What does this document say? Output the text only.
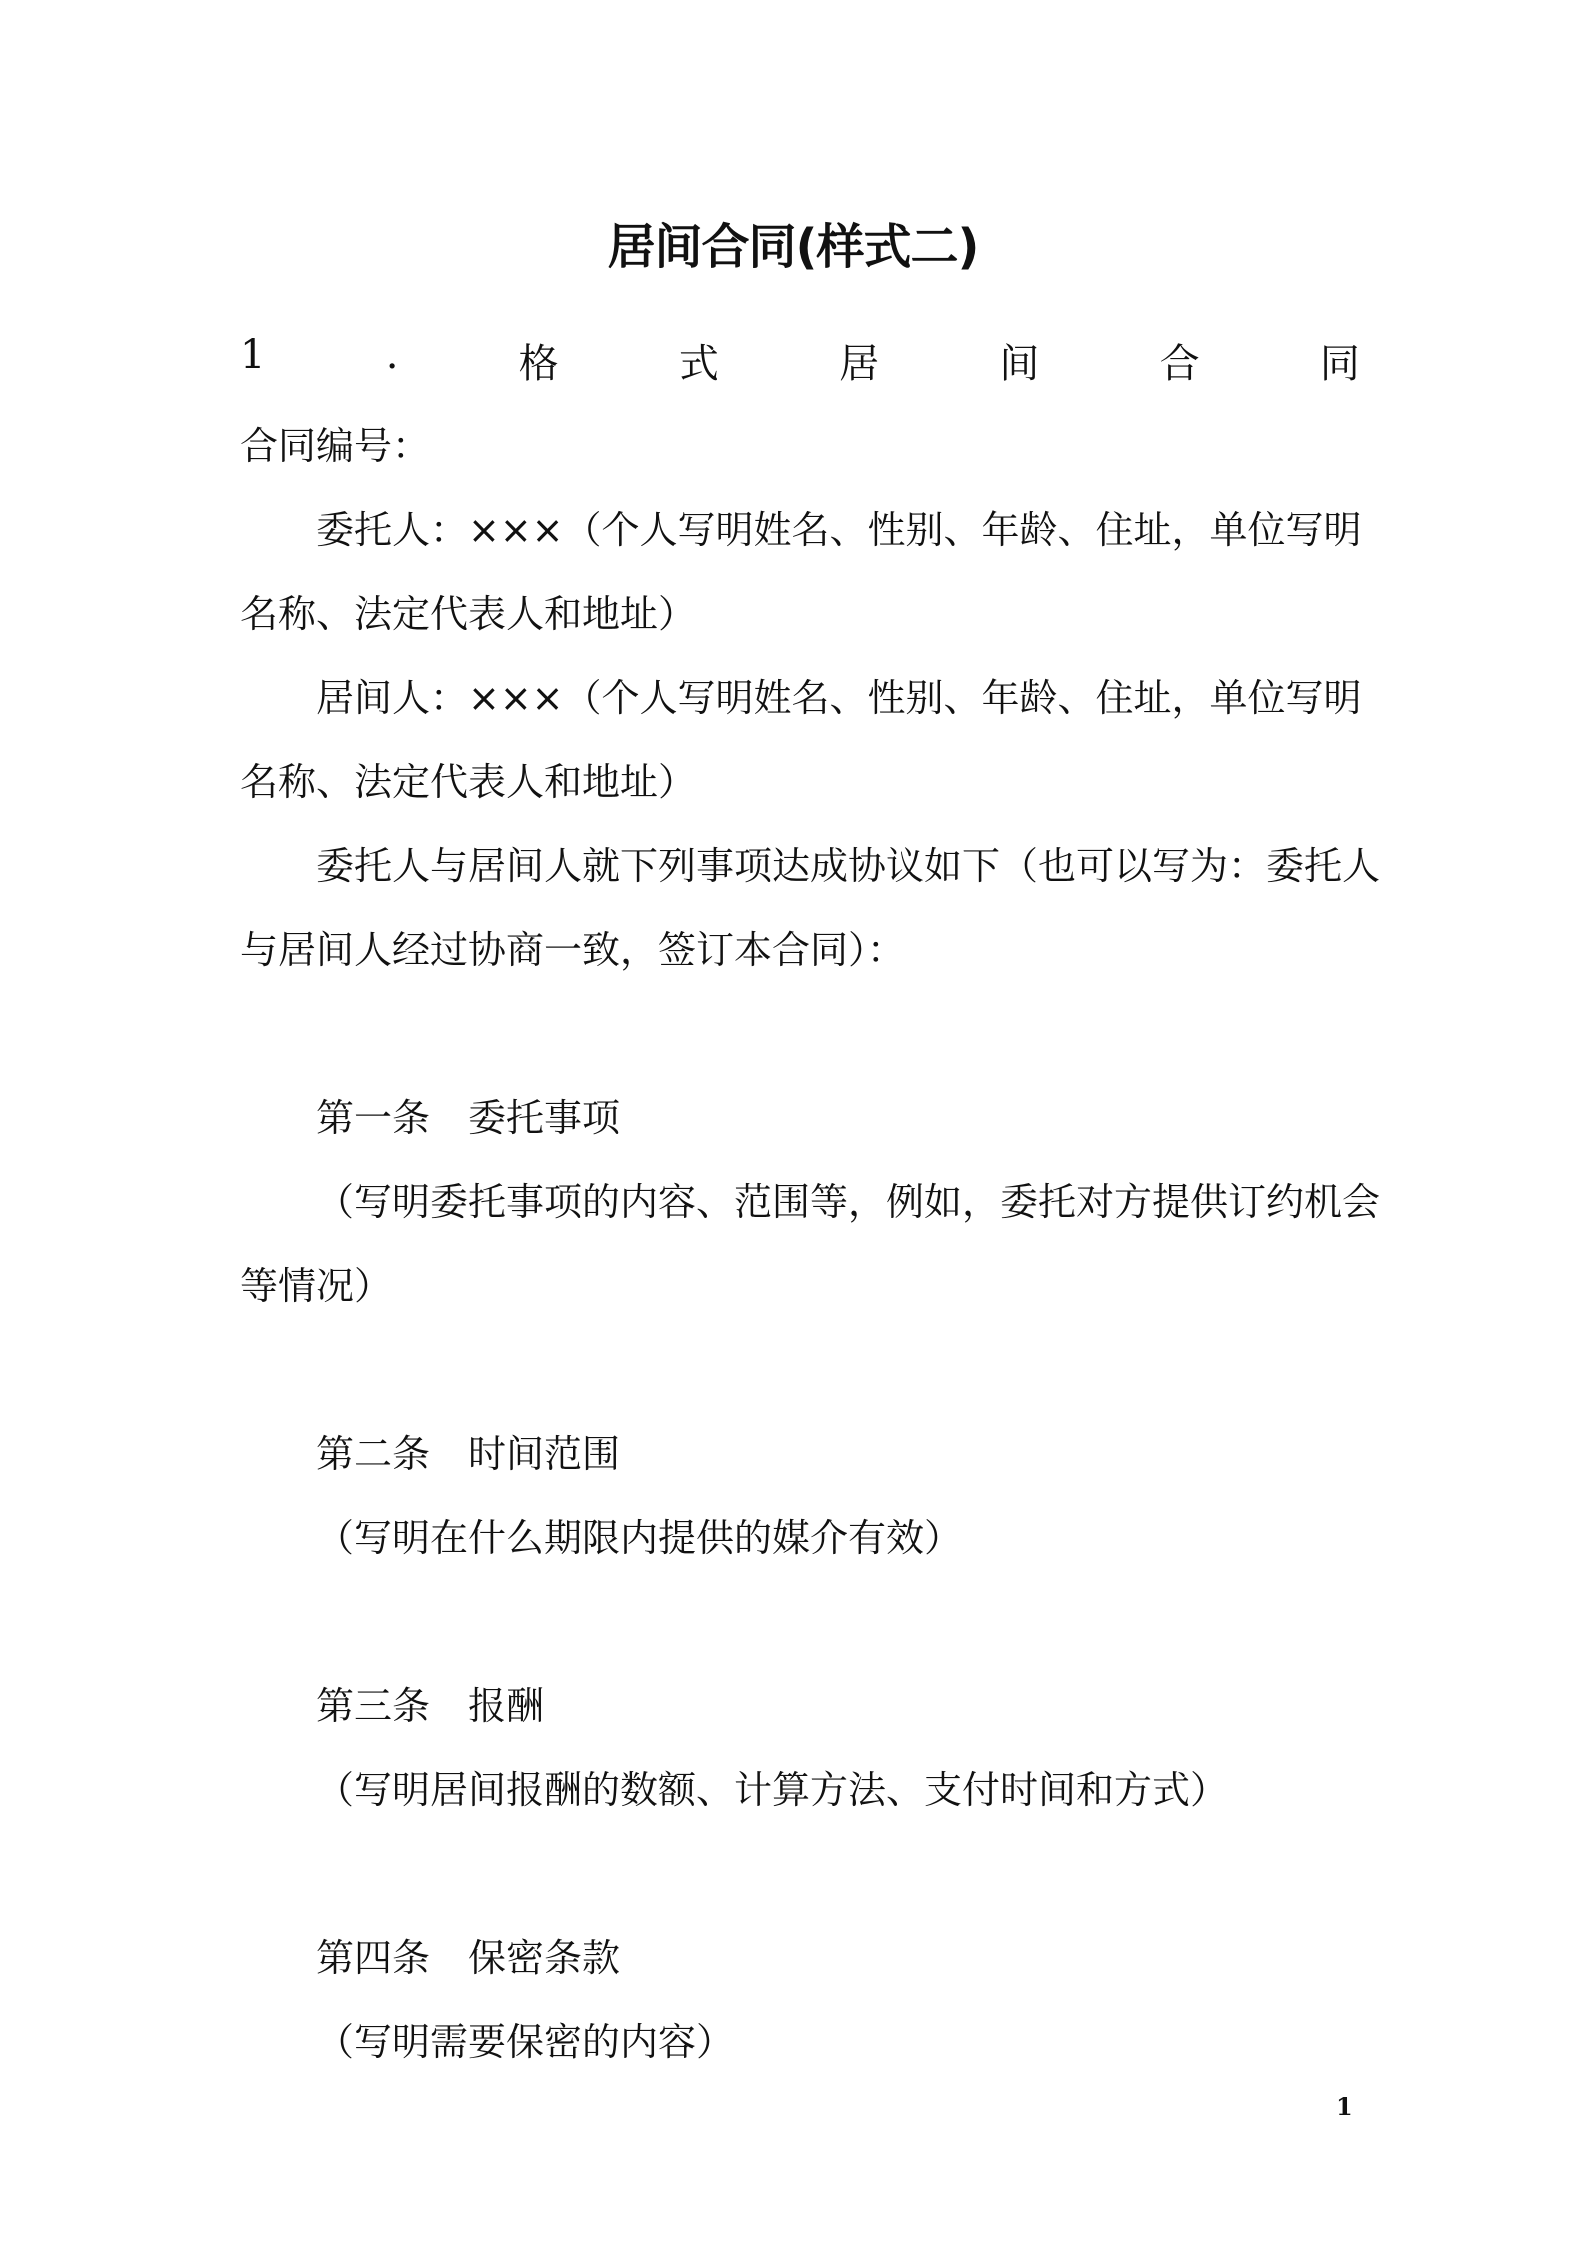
居间合同(样式二)
1	.	格	式	居	间	合	同
合同编号：
委托人：×××（个人写明姓名、性别、年龄、住址，单位写明
名称、法定代表人和地址）
居间人：×××（个人写明姓名、性别、年龄、住址，单位写明
名称、法定代表人和地址）
委托人与居间人就下列事项达成协议如下（也可以写为：委托人
与居间人经过协商一致，签订本合同）：
第一条　委托事项
（写明委托事项的内容、范围等，例如，委托对方提供订约机会
等情况）
第二条　时间范围
（写明在什么期限内提供的媒介有效）
第三条　报酬
（写明居间报酬的数额、计算方法、支付时间和方式）
第四条　保密条款
（写明需要保密的内容）
1
